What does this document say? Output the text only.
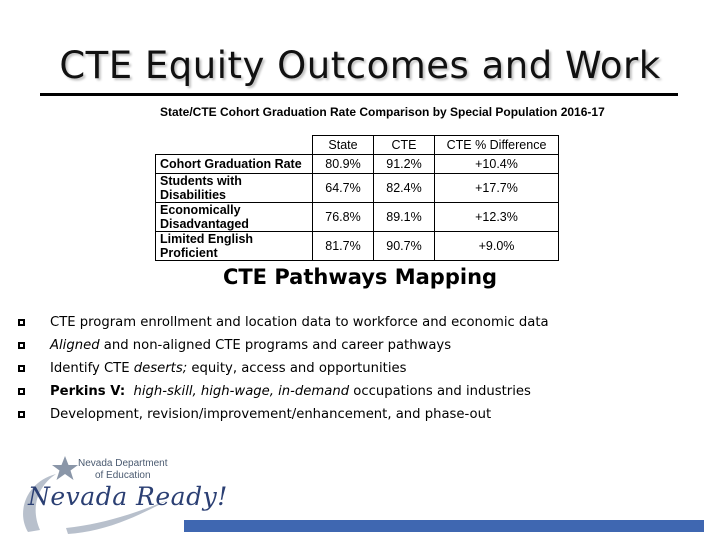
CTE Equity Outcomes and Work
State/CTE Cohort Graduation Rate Comparison by Special Population 2016-17
	State	CTE	CTE % Difference
Cohort Graduation Rate	80.9%	91.2%	+10.4%
Students with Disabilities	64.7%	82.4%	+17.7%
Economically Disadvantaged	76.8%	89.1%	+12.3%
Limited English Proficient	81.7%	90.7%	+9.0%
CTE Pathways Mapping
CTE program enrollment and location data to workforce and economic data
Aligned and non-aligned CTE programs and career pathways
Identify CTE deserts; equity, access and opportunities
Perkins V:  high-skill, high-wage, in-demand occupations and industries
Development, revision/improvement/enhancement, and phase-out
Nevada Department
of Education
Nevada Ready!
